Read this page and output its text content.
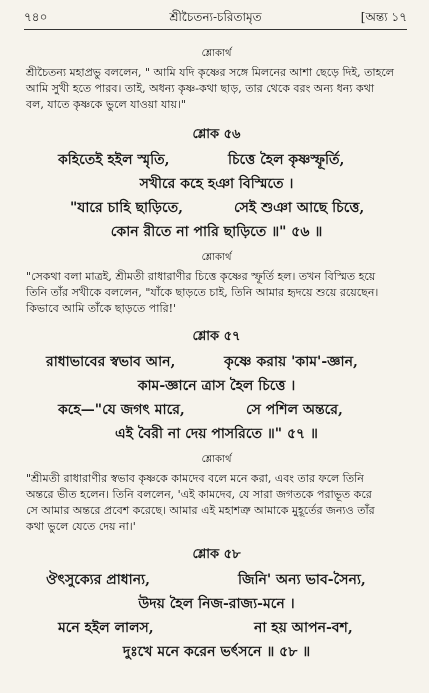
৭৪০	শ্রীচৈতন্য-চরিতামৃত	[অন্ত্য ১৭
শ্লোকার্থ

শ্রীচৈতন্য মহাপ্রভু বললেন, " আমি যদি কৃষ্ণের সঙ্গে মিলনের আশা ছেড়ে দিই, তাহলে
আমি সুখী হতে পারব। তাই, অধন্য কৃষ্ণ-কথা ছাড়, তার থেকে বরং অন্য ধন্য কথা
বল, যাতে কৃষ্ণকে ভুলে যাওয়া যায়।"

শ্লোক ৫৬
কহিতেই হইল স্মৃতি,	চিত্তে হৈল কৃষ্ণস্ফূর্তি,
সখীরে কহে হঞা বিস্মিতে ।
"যারে চাহি ছাড়িতে,	সেই শুঞা আছে চিত্তে,
কোন রীতে না পারি ছাড়িতে ॥" ৫৬ ॥
শ্লোকার্থ

"সেকথা বলা মাত্রই, শ্রীমতী রাধারাণীর চিত্তে কৃষ্ণের স্ফূর্তি হল। তখন বিস্মিত হয়ে
তিনি তাঁর সখীকে বললেন, "যাঁকে ছাড়তে চাই, তিনি আমার হৃদয়ে শুয়ে রয়েছেন।
কিভাবে আমি তাঁকে ছাড়তে পারি!'

শ্লোক ৫৭
রাধাভাবের স্বভাব আন,	কৃষ্ণে করায় 'কাম'-জ্ঞান,
কাম-জ্ঞানে ত্রাস হৈল চিত্তে ।
কহে—"যে জগৎ মারে,	সে পশিল অন্তরে,
এই বৈরী না দেয় পাসরিতে ॥" ৫৭ ॥
শ্লোকার্থ

"শ্রীমতী রাধারাণীর স্বভাব কৃষ্ণকে কামদেব বলে মনে করা, এবং তার ফলে তিনি
অন্তরে ভীত হলেন। তিনি বললেন, 'এই কামদেব, যে সারা জগতকে পরাভূত করে
সে আমার অন্তরে প্রবেশ করেছে। আমার এই মহাশত্রু আমাকে মুহূর্তের জন্যও তাঁর
কথা ভুলে যেতে দেয় না।'

শ্লোক ৫৮
ঔৎসুক্যের প্রাধান্য,	জিনি' অন্য ভাব-সৈন্য,
উদয় হৈল নিজ-রাজ্য-মনে ।
মনে হইল লালস,	না হয় আপন-বশ,
দুঃখে মনে করেন ভর্ৎসনে ॥ ৫৮ ॥
